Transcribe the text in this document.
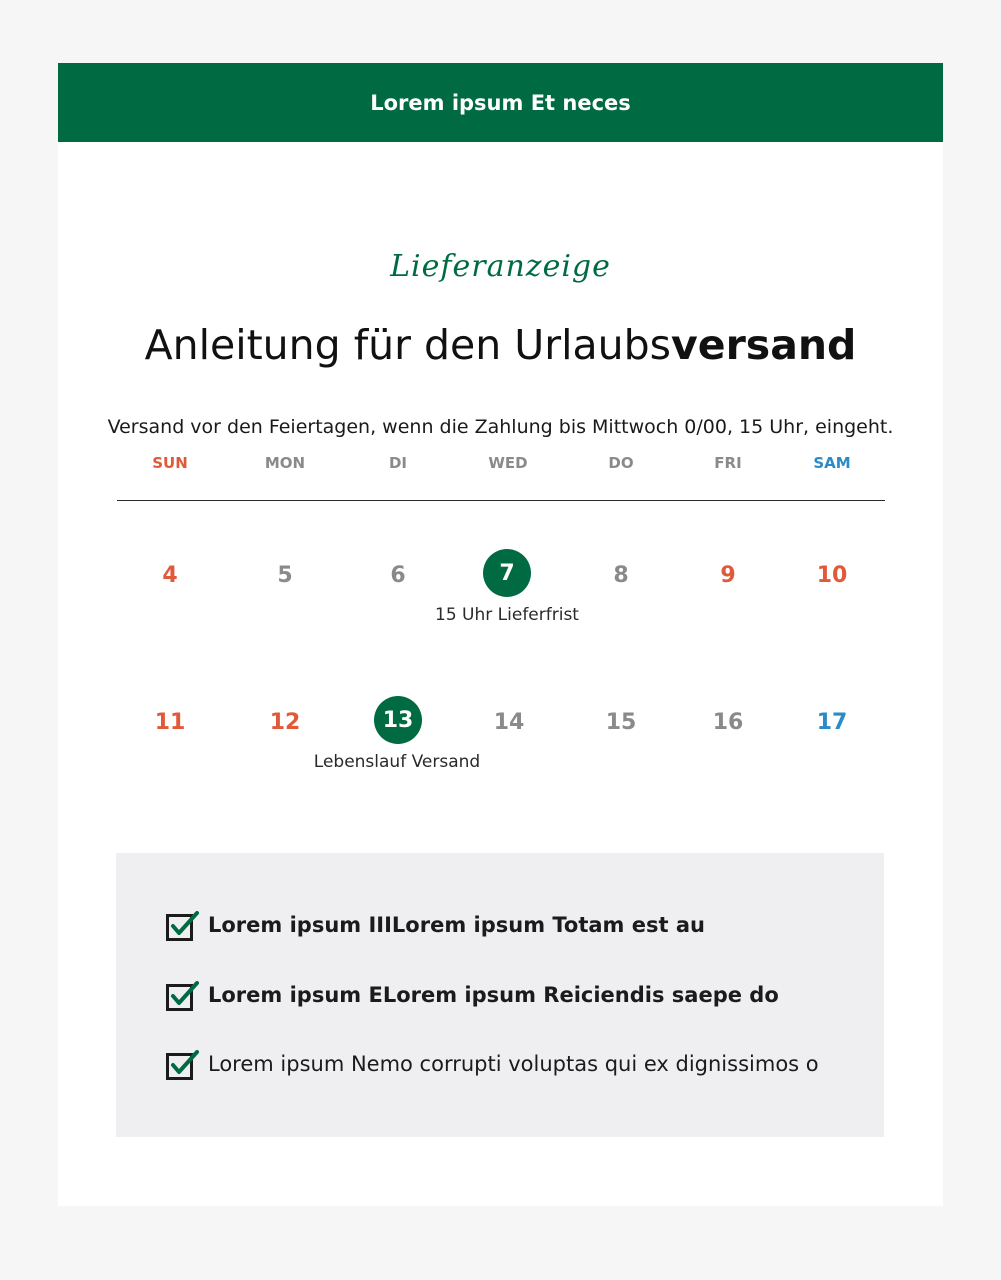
Lorem ipsum Et neces
Lieferanzeige
Anleitung für den Urlaubsversand
Versand vor den Feiertagen, wenn die Zahlung bis Mittwoch 0/00, 15 Uhr, eingeht.
SUN	MON	DI	WED	DO	FRI	SAM
4	5	6	7	8	9	10
15 Uhr Lieferfrist
11	12	13	14	15	16	17
Lebenslauf Versand
Lorem ipsum IIILorem ipsum Totam est au
Lorem ipsum ELorem ipsum Reiciendis saepe do
Lorem ipsum Nemo corrupti voluptas qui ex dignissimos o
